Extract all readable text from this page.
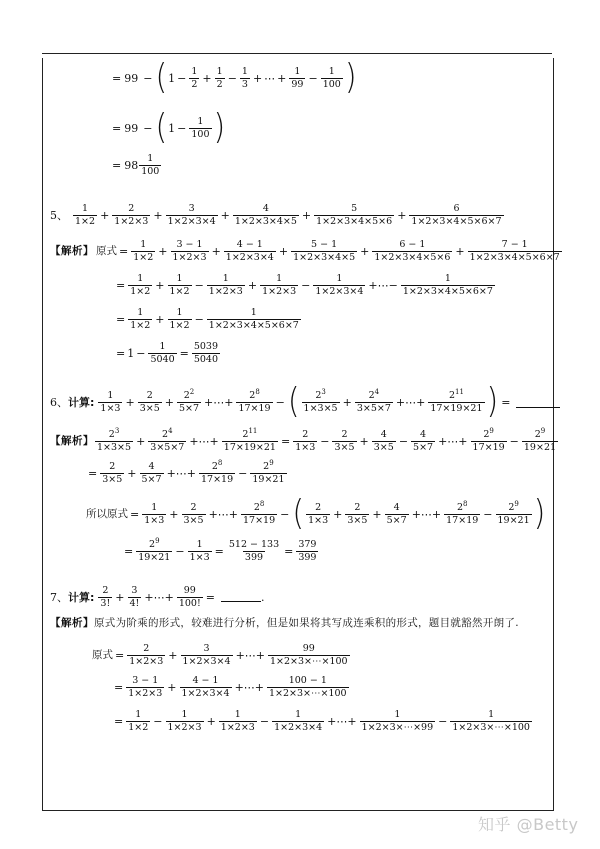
= 99 − ( $1 - \frac{1}{2} + \frac{1}{2} - \frac{1}{3}$ + ⋯ + $\frac{1}{99} - \frac{1}{100}$ )
= 99 − ( $1 - \frac{1}{100}$ )
= $98 \frac{1}{100}$
5、 $\frac{1}{1\times 2} + \frac{2}{1\times 2\times 3} + \frac{3}{1\times 2\times 3\times 4} + \frac{4}{1\times 2\times 3\times 4\times 5} + \frac{5}{1\times 2\times 3\times 4\times 5\times 6} + \frac{6}{1\times 2\times 3\times 4\times 5\times 6\times 7}$
【解析】 原式 = $\frac{1}{1\times 2} + \frac{3 - 1}{1\times 2\times 3} + \frac{4 - 1}{1\times 2\times 3\times 4} + \frac{5 - 1}{1\times 2\times 3\times 4\times 5} + \frac{6 - 1}{1\times 2\times 3\times 4\times 5\times 6} + \frac{7 - 1}{1\times 2\times 3\times 4\times 5\times 6\times 7}$
= $\frac{1}{1\times 2} + \frac{1}{1\times 2} - \frac{1}{1\times 2\times 3} + \frac{1}{1\times 2\times 3} - \frac{1}{1\times 2\times 3\times 4}$ +⋯− $\frac{1}{1\times 2\times 3\times 4\times 5\times 6\times 7}$
= $\frac{1}{1\times 2} + \frac{1}{1\times 2} - \frac{1}{1\times 2\times 3\times 4\times 5\times 6\times 7}$
= $1 - \frac{1}{5040} = \frac{5039}{5040}$
6、 计算: $\frac{1}{1\times 3} + \frac{2}{3\times 5} + \frac{2^2}{5\times 7}$ +⋯+ $\frac{2^8}{17\times 19}$ − ( $\frac{2^3}{1\times 3\times 5} + \frac{2^4}{3\times 5\times 7}$ +⋯+ $\frac{2^{11}}{17\times 19\times 21}$ ) =
【解析】 $\frac{2^3}{1\times 3\times 5} + \frac{2^4}{3\times 5\times 7}$ +⋯+ $\frac{2^{11}}{17\times 19\times 21} = \frac{2}{1\times 3} - \frac{2}{3\times 5} + \frac{4}{3\times 5} - \frac{4}{5\times 7}$ +⋯+ $\frac{2^9}{17\times 19} - \frac{2^9}{19\times 21}$
= $\frac{2}{3\times 5} + \frac{4}{5\times 7}$ +⋯+ $\frac{2^8}{17\times 19} - \frac{2^9}{19\times 21}$
所以原式 = $\frac{1}{1\times 3} + \frac{2}{3\times 5}$ +⋯+ $\frac{2^8}{17\times 19}$ − ( $\frac{2}{1\times 3} + \frac{2}{3\times 5} + \frac{4}{5\times 7}$ +⋯+ $\frac{2^8}{17\times 19} - \frac{2^9}{19\times 21}$ )
= $\frac{2^9}{19\times 21} - \frac{1}{1\times 3} = \frac{512 - 133}{399} = \frac{379}{399}$
7、 计算: $\frac{2}{3!} + \frac{3}{4!}$ +⋯+ $\frac{99}{100!}$ =	.
【解析】 原式为阶乘的形式，较难进行分析，但是如果将其写成连乘积的形式，题目就豁然开朗了.
原式 = $\frac{2}{1\times 2\times 3} + \frac{3}{1\times 2\times 3\times 4}$ +⋯+ $\frac{99}{1\times 2\times 3\times\cdots\times 100}$
= $\frac{3 - 1}{1\times 2\times 3} + \frac{4 - 1}{1\times 2\times 3\times 4}$ +⋯+ $\frac{100 - 1}{1\times 2\times 3\times\cdots\times 100}$
= $\frac{1}{1\times 2} - \frac{1}{1\times 2\times 3} + \frac{1}{1\times 2\times 3} - \frac{1}{1\times 2\times 3\times 4}$ +⋯+ $\frac{1}{1\times 2\times 3\times\cdots\times 99} - \frac{1}{1\times 2\times 3\times\cdots\times 100}$
知乎 @Betty
